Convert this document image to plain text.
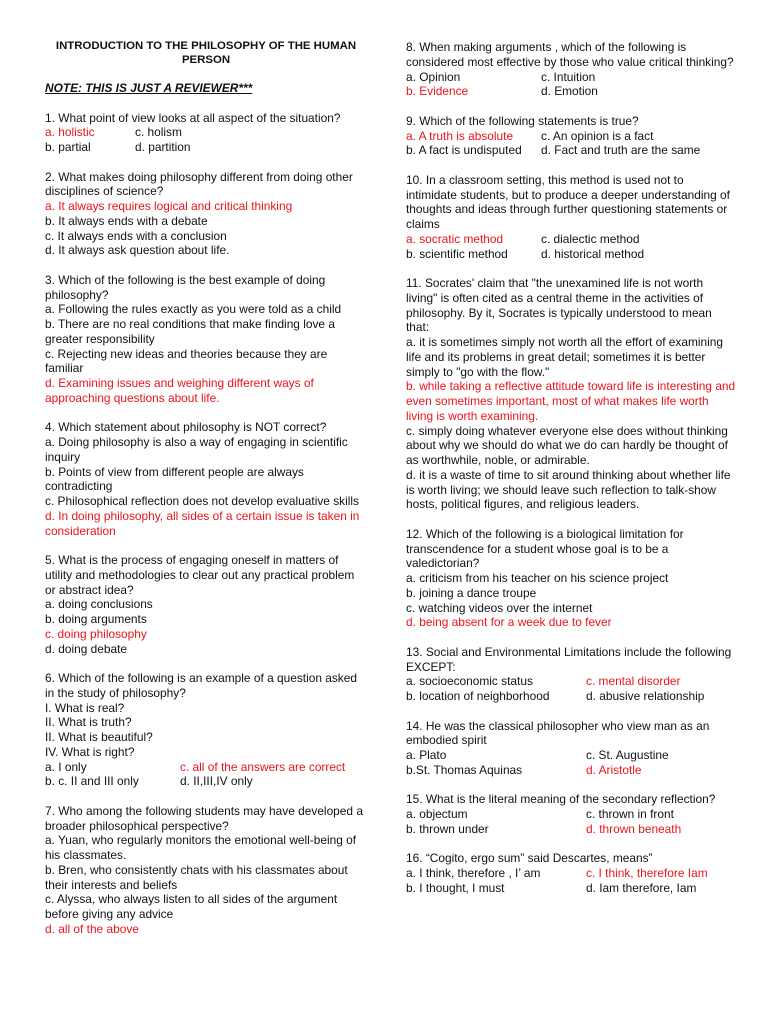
INTRODUCTION TO THE PHILOSOPHY OF THE HUMAN PERSON
NOTE: THIS IS JUST A REVIEWER***
1. What point of view looks at all aspect of the situation?
a. holistic	c. holism
b. partial	d. partition
2. What makes doing philosophy different from doing other disciplines of science?
a. It always requires logical and critical thinking
b. It always ends with a debate
c. It always ends with a conclusion
d. It always ask question about life.
3. Which of the following is the best example of doing philosophy?
a. Following the rules exactly as you were told as a child
b. There are no real conditions that make finding love a greater responsibility
c. Rejecting new ideas and theories because they are familiar
d. Examining issues and weighing different ways of approaching questions about life.
4. Which statement about philosophy is NOT correct?
a. Doing philosophy is also a way of engaging in scientific inquiry
b. Points of view from different people are always contradicting
c. Philosophical reflection does not develop evaluative skills
d. In doing philosophy, all sides of a certain issue is taken in consideration
5. What is the process of engaging oneself in matters of utility and methodologies to clear out any practical problem or abstract idea?
a. doing conclusions
b. doing arguments
c. doing philosophy
d. doing debate
6. Which of the following is an example of a question asked in the study of philosophy?
I. What is real?
II. What is truth?
II. What is beautiful?
IV. What is right?
a. I only	c. all of the answers are correct
b. c. II and III only	d. II,III,IV only
7. Who among the following students may have developed a broader philosophical perspective?
a. Yuan, who regularly monitors the emotional well-being of his classmates.
b. Bren, who consistently chats with his classmates about their interests and beliefs
c. Alyssa, who always listen to all sides of the argument before giving any advice
d. all of the above
8. When making arguments , which of the following is considered most effective by those who value critical thinking?
a. Opinion	c. Intuition
b. Evidence	d. Emotion
9. Which of the following statements is true?
a. A truth is absolute	c. An opinion is a fact
b. A fact is undisputed	d. Fact and truth are the same
10. In a classroom setting, this method is used not to intimidate students, but to produce a deeper understanding of thoughts and ideas through further questioning statements or claims
a. socratic method	c. dialectic method
b. scientific method	d. historical method
11. Socrates' claim that "the unexamined life is not worth living" is often cited as a central theme in the activities of philosophy. By it, Socrates is typically understood to mean that:
a. it is sometimes simply not worth all the effort of examining life and its problems in great detail; sometimes it is better simply to "go with the flow."
b. while taking a reflective attitude toward life is interesting and even sometimes important, most of what makes life worth living is worth examining.
c. simply doing whatever everyone else does without thinking about why we should do what we do can hardly be thought of as worthwhile, noble, or admirable.
d. it is a waste of time to sit around thinking about whether life is worth living; we should leave such reflection to talk-show hosts, political figures, and religious leaders.
12. Which of the following is a biological limitation for transcendence for a student whose goal is to be a valedictorian?
a. criticism from his teacher on his science project
b. joining a dance troupe
c. watching videos over the internet
d. being absent for a week due to fever
13. Social and Environmental Limitations include the following EXCEPT:
a. socioeconomic status	c. mental disorder
b. location of neighborhood	d. abusive relationship
14. He was the classical philosopher who view man as an embodied spirit
a. Plato	c. St. Augustine
b.St. Thomas Aquinas	d. Aristotle
15. What is the literal meaning of the secondary reflection?
a. objectum	c. thrown in front
b. thrown under	d. thrown beneath
16. “Cogito, ergo sum” said Descartes, means”
a. I think, therefore , I’ am	c. I think, therefore Iam
b. I thought, I must	d. Iam therefore, Iam
